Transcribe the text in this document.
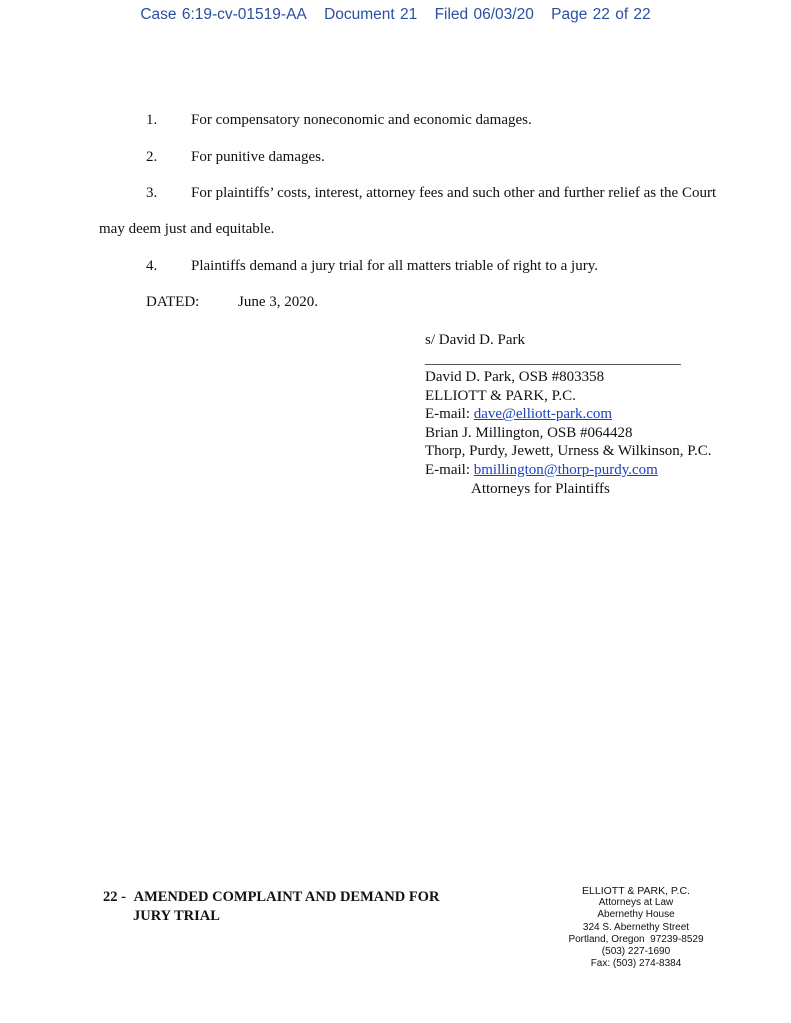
Case 6:19-cv-01519-AA Document 21 Filed 06/03/20 Page 22 of 22
1. For compensatory noneconomic and economic damages.
2. For punitive damages.
3. For plaintiffs’ costs, interest, attorney fees and such other and further relief as the Court
may deem just and equitable.
4. Plaintiffs demand a jury trial for all matters triable of right to a jury.
DATED:	June 3, 2020.
s/ David D. Park
David D. Park, OSB #803358
ELLIOTT & PARK, P.C.
E-mail: dave@elliott-park.com
Brian J. Millington, OSB #064428
Thorp, Purdy, Jewett, Urness & Wilkinson, P.C.
E-mail: bmillington@thorp-purdy.com
Attorneys for Plaintiffs
22 - AMENDED COMPLAINT AND DEMAND FOR
JURY TRIAL
ELLIOTT & PARK, P.C.
Attorneys at Law
Abernethy House
324 S. Abernethy Street
Portland, Oregon  97239-8529
(503) 227-1690
Fax: (503) 274-8384
